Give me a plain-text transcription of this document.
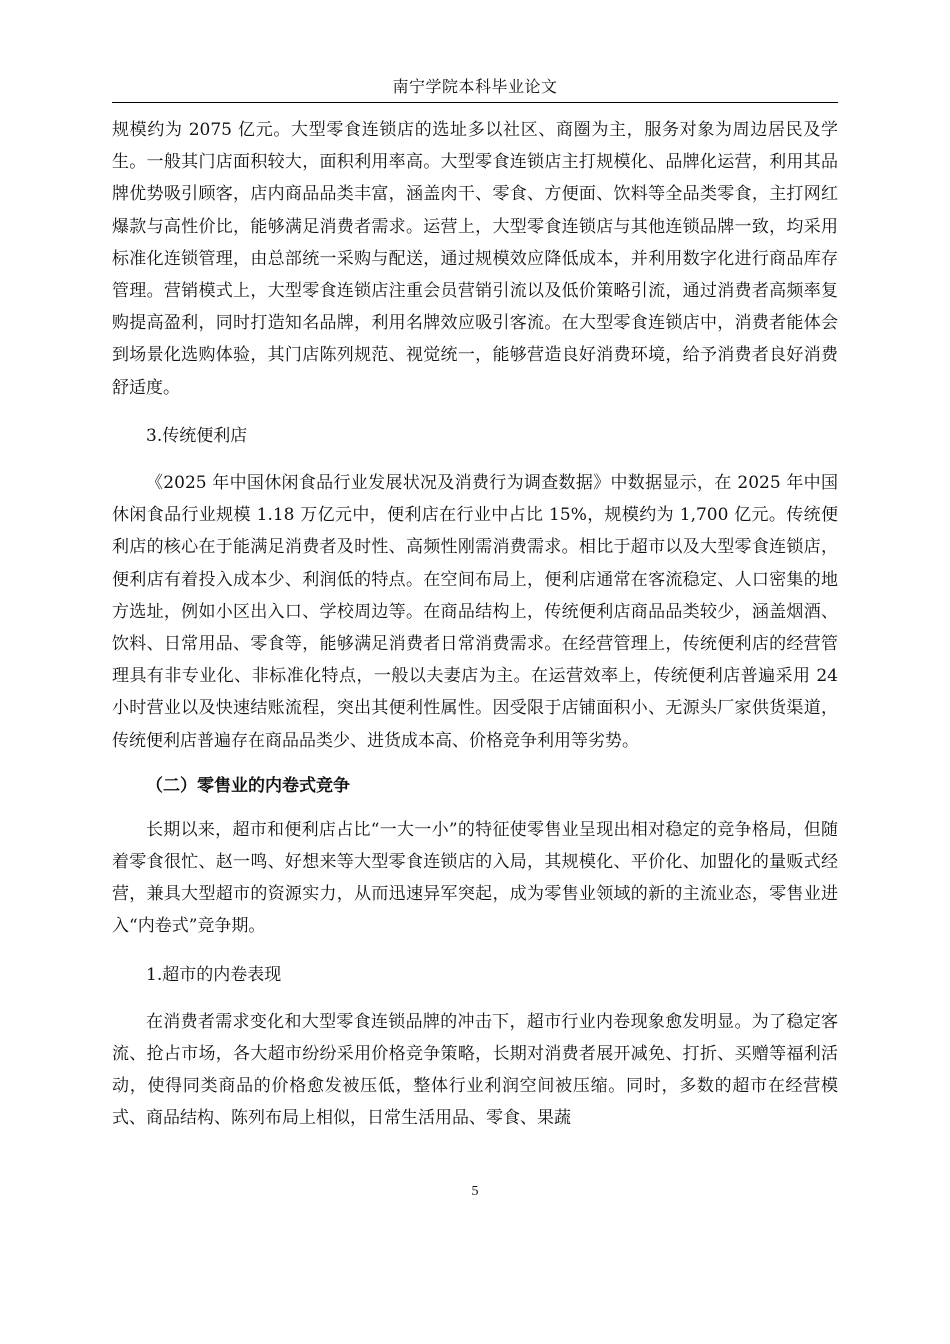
南宁学院本科毕业论文

规模约为 2075 亿元。大型零食连锁店的选址多以社区、商圈为主，服务对象为周边居民及学生。一般其门店面积较大，面积利用率高。大型零食连锁店主打规模化、品牌化运营，利用其品牌优势吸引顾客，店内商品品类丰富，涵盖肉干、零食、方便面、饮料等全品类零食，主打网红爆款与高性价比，能够满足消费者需求。运营上，大型零食连锁店与其他连锁品牌一致，均采用标准化连锁管理，由总部统一采购与配送，通过规模效应降低成本，并利用数字化进行商品库存管理。营销模式上，大型零食连锁店注重会员营销引流以及低价策略引流，通过消费者高频率复购提高盈利，同时打造知名品牌，利用名牌效应吸引客流。在大型零食连锁店中，消费者能体会到场景化选购体验，其门店陈列规范、视觉统一，能够营造良好消费环境，给予消费者良好消费舒适度。

3.传统便利店

《2025 年中国休闲食品行业发展状况及消费行为调查数据》中数据显示，在 2025 年中国休闲食品行业规模 1.18 万亿元中，便利店在行业中占比 15%，规模约为 1,700 亿元。传统便利店的核心在于能满足消费者及时性、高频性刚需消费需求。相比于超市以及大型零食连锁店，便利店有着投入成本少、利润低的特点。在空间布局上，便利店通常在客流稳定、人口密集的地方选址，例如小区出入口、学校周边等。在商品结构上，传统便利店商品品类较少，涵盖烟酒、饮料、日常用品、零食等，能够满足消费者日常消费需求。在经营管理上，传统便利店的经营管理具有非专业化、非标准化特点，一般以夫妻店为主。在运营效率上，传统便利店普遍采用 24 小时营业以及快速结账流程，突出其便利性属性。因受限于店铺面积小、无源头厂家供货渠道，传统便利店普遍存在商品品类少、进货成本高、价格竞争利用等劣势。

（二）零售业的内卷式竞争

长期以来，超市和便利店占比“一大一小”的特征使零售业呈现出相对稳定的竞争格局，但随着零食很忙、赵一鸣、好想来等大型零食连锁店的入局，其规模化、平价化、加盟化的量贩式经营，兼具大型超市的资源实力，从而迅速异军突起，成为零售业领域的新的主流业态，零售业进入“内卷式”竞争期。

1.超市的内卷表现

在消费者需求变化和大型零食连锁品牌的冲击下，超市行业内卷现象愈发明显。为了稳定客流、抢占市场，各大超市纷纷采用价格竞争策略，长期对消费者展开减免、打折、买赠等福利活动，使得同类商品的价格愈发被压低，整体行业利润空间被压缩。同时，多数的超市在经营模式、商品结构、陈列布局上相似，日常生活用品、零食、果蔬

5
